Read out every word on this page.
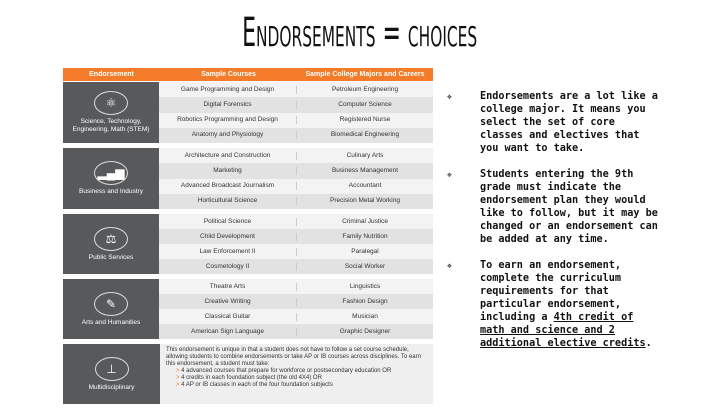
Endorsements = choices
Endorsement	Sample Courses	Sample College Majors and Careers
⚛
Science, Technology, Engineering, Math (STEM)
Game Programming and Design	Petroleum Engineering
Digital Forensics	Computer Science
Robotics Programming and Design	Registered Nurse
Anatomy and Physiology	Biomedical Engineering
▂▄▆
Business and Industry
Architecture and Construction	Culinary Arts
Marketing	Business Management
Advanced Broadcast Journalism	Accountant
Horticultural Science	Precision Metal Working
⚖
Public Services
Political Science	Criminal Justice
Child Development	Family Nutrition
Law Enforcement II	Paralegal
Cosmetology II	Social Worker
✎
Arts and Humanities
Theatre Arts	Linguistics
Creative Writing	Fashion Design
Classical Guitar	Musician
American Sign Language	Graphic Designer
⊥
Multidisciplinary
This endorsement is unique in that a student does not have to follow a set course schedule, allowing students to combine endorsements or take AP or IB courses across disciplines. To earn this endorsement, a student must take:
> 4 advanced courses that prepare for workforce or postsecondary education OR
> 4 credits in each foundation subject (the old 4X4) OR
> 4 AP or IB classes in each of the four foundation subjects
❖	Endorsements are a lot like a college major. It means you select the set of core classes and electives that you want to take.
❖	Students entering the 9th grade must indicate the endorsement plan they would like to follow, but it may be changed or an endorsement can be added at any time.
❖	To earn an endorsement, complete the curriculum requirements for that particular endorsement, including a 4th credit of math and science and 2 additional elective credits.
